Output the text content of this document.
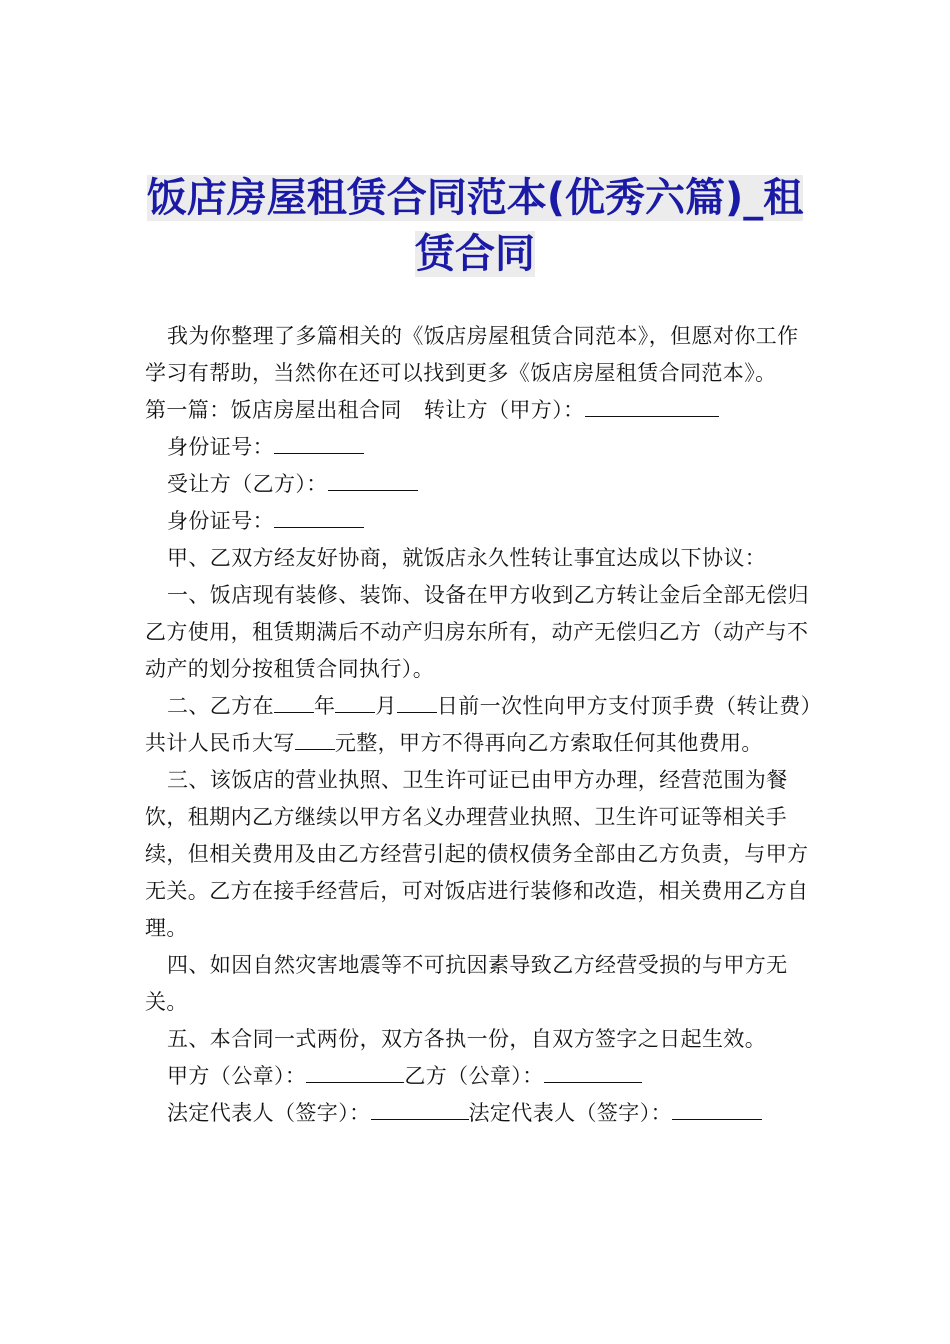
饭店房屋租赁合同范本(优秀六篇)_租赁合同

我为你整理了多篇相关的《饭店房屋租赁合同范本》，但愿对你工作学习有帮助，当然你在还可以找到更多《饭店房屋租赁合同范本》。

第一篇：饭店房屋出租合同 转让方（甲方）：

身份证号：

受让方（乙方）：

身份证号：

甲、乙双方经友好协商，就饭店永久性转让事宜达成以下协议：

一、饭店现有装修、装饰、设备在甲方收到乙方转让金后全部无偿归乙方使用，租赁期满后不动产归房东所有，动产无偿归乙方（动产与不动产的划分按租赁合同执行）。

二、乙方在 年 月 日前一次性向甲方支付顶手费（转让费）共计人民币大写 元整，甲方不得再向乙方索取任何其他费用。

三、该饭店的营业执照、卫生许可证已由甲方办理，经营范围为餐饮，租期内乙方继续以甲方名义办理营业执照、卫生许可证等相关手续，但相关费用及由乙方经营引起的债权债务全部由乙方负责，与甲方无关。乙方在接手经营后，可对饭店进行装修和改造，相关费用乙方自理。

四、如因自然灾害地震等不可抗因素导致乙方经营受损的与甲方无关。

五、本合同一式两份，双方各执一份，自双方签字之日起生效。

甲方（公章）：	乙方（公章）：

法定代表人（签字）：	法定代表人（签字）：
